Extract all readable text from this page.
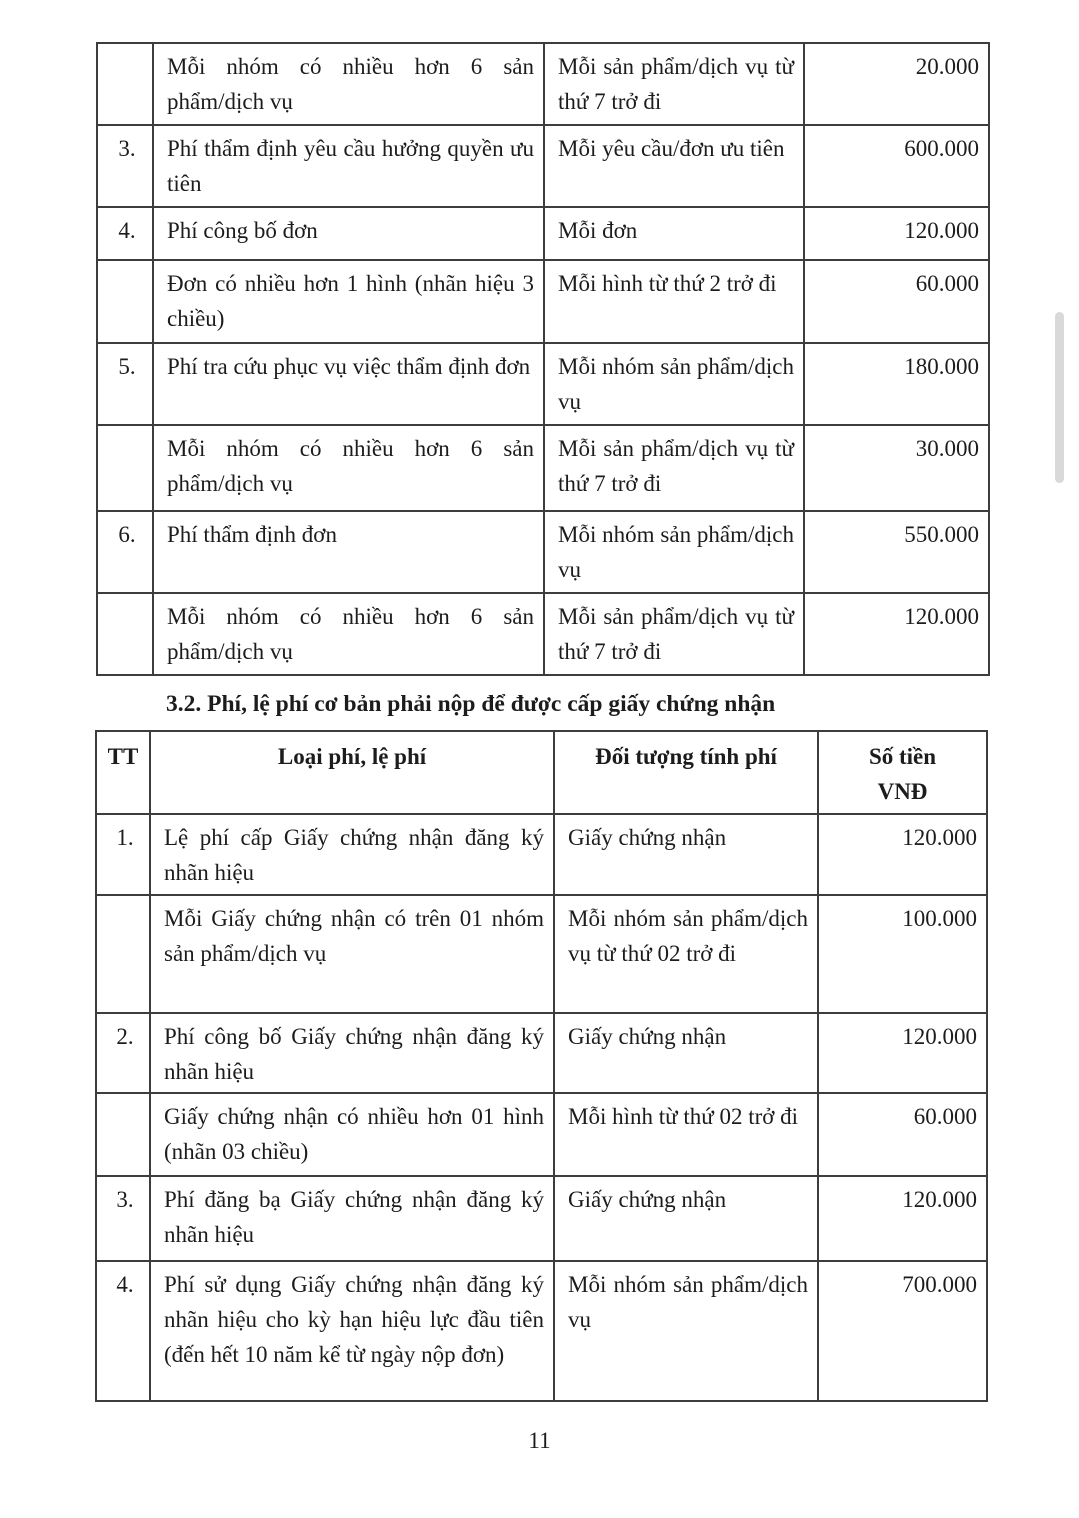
	Mỗi nhóm có nhiều hơn 6 sản phẩm/dịch vụ	Mỗi sản phẩm/dịch vụ từ thứ 7 trở đi	20.000
3.	Phí thẩm định yêu cầu hưởng quyền ưu tiên	Mỗi yêu cầu/đơn ưu tiên	600.000
4.	Phí công bố đơn	Mỗi đơn	120.000
	Đơn có nhiều hơn 1 hình (nhãn hiệu 3 chiều)	Mỗi hình từ thứ 2 trở đi	60.000
5.	Phí tra cứu phục vụ việc thẩm định đơn	Mỗi nhóm sản phẩm/dịch vụ	180.000
	Mỗi nhóm có nhiều hơn 6 sản phẩm/dịch vụ	Mỗi sản phẩm/dịch vụ từ thứ 7 trở đi	30.000
6.	Phí thẩm định đơn	Mỗi nhóm sản phẩm/dịch vụ	550.000
	Mỗi nhóm có nhiều hơn 6 sản phẩm/dịch vụ	Mỗi sản phẩm/dịch vụ từ thứ 7 trở đi	120.000
3.2. Phí, lệ phí cơ bản phải nộp để được cấp giấy chứng nhận
TT	Loại phí, lệ phí	Đối tượng tính phí	Số tiền
VNĐ

1.	Lệ phí cấp Giấy chứng nhận đăng ký nhãn hiệu	Giấy chứng nhận	120.000
	Mỗi Giấy chứng nhận có trên 01 nhóm sản phẩm/dịch vụ	Mỗi nhóm sản phẩm/dịch vụ từ thứ 02 trở đi	100.000
2.	Phí công bố Giấy chứng nhận đăng ký nhãn hiệu	Giấy chứng nhận	120.000
	Giấy chứng nhận có nhiều hơn 01 hình (nhãn 03 chiều)	Mỗi hình từ thứ 02 trở đi	60.000
3.	Phí đăng bạ Giấy chứng nhận đăng ký nhãn hiệu	Giấy chứng nhận	120.000
4.	Phí sử dụng Giấy chứng nhận đăng ký nhãn hiệu cho kỳ hạn hiệu lực đầu tiên (đến hết 10 năm kể từ ngày nộp đơn)	Mỗi nhóm sản phẩm/dịch vụ	700.000
11
